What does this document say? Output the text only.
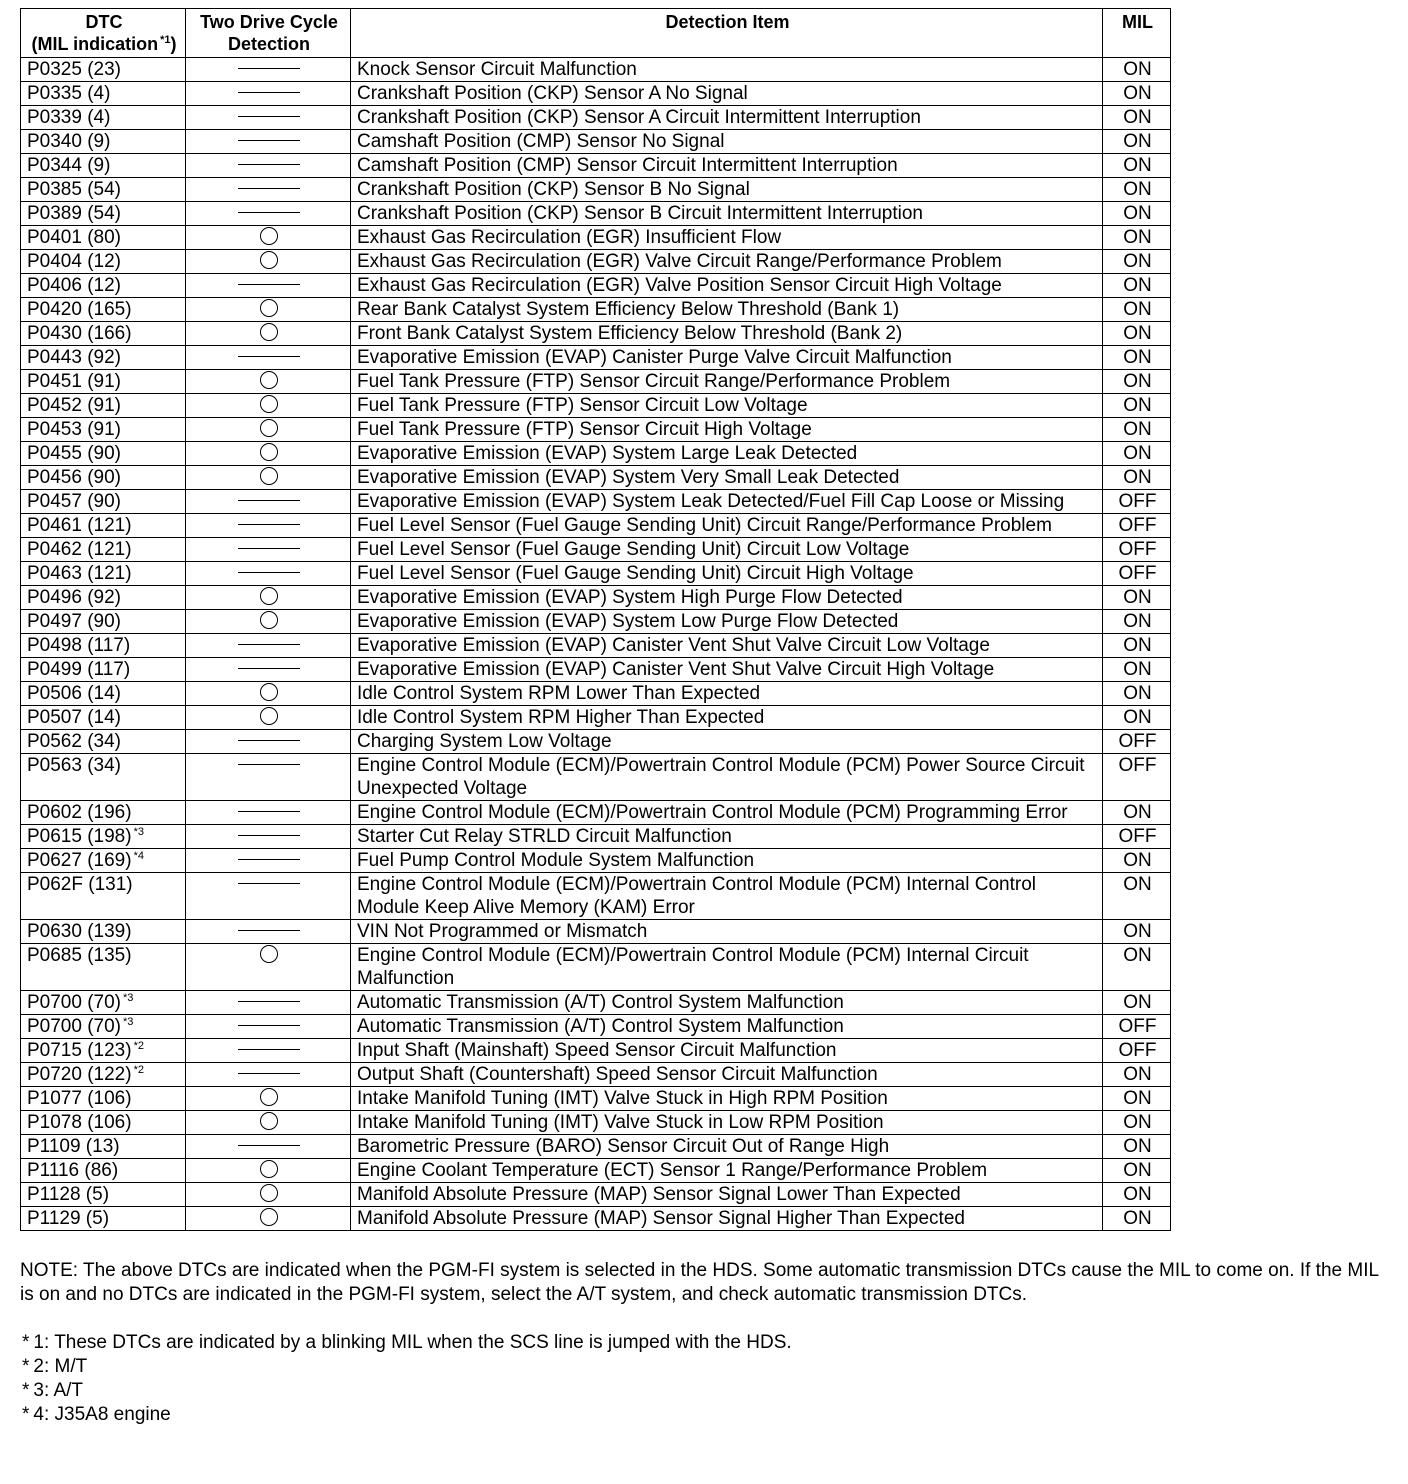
DTC
(MIL indication $^{*1}$)	Two Drive Cycle Detection	Detection Item	MIL
P0325 (23)		Knock Sensor Circuit Malfunction	ON
P0335 (4)		Crankshaft Position (CKP) Sensor A No Signal	ON
P0339 (4)		Crankshaft Position (CKP) Sensor A Circuit Intermittent Interruption	ON
P0340 (9)		Camshaft Position (CMP) Sensor No Signal	ON
P0344 (9)		Camshaft Position (CMP) Sensor Circuit Intermittent Interruption	ON
P0385 (54)		Crankshaft Position (CKP) Sensor B No Signal	ON
P0389 (54)		Crankshaft Position (CKP) Sensor B Circuit Intermittent Interruption	ON
P0401 (80)		Exhaust Gas Recirculation (EGR) Insufficient Flow	ON
P0404 (12)		Exhaust Gas Recirculation (EGR) Valve Circuit Range/Performance Problem	ON
P0406 (12)		Exhaust Gas Recirculation (EGR) Valve Position Sensor Circuit High Voltage	ON
P0420 (165)		Rear Bank Catalyst System Efficiency Below Threshold (Bank 1)	ON
P0430 (166)		Front Bank Catalyst System Efficiency Below Threshold (Bank 2)	ON
P0443 (92)		Evaporative Emission (EVAP) Canister Purge Valve Circuit Malfunction	ON
P0451 (91)		Fuel Tank Pressure (FTP) Sensor Circuit Range/Performance Problem	ON
P0452 (91)		Fuel Tank Pressure (FTP) Sensor Circuit Low Voltage	ON
P0453 (91)		Fuel Tank Pressure (FTP) Sensor Circuit High Voltage	ON
P0455 (90)		Evaporative Emission (EVAP) System Large Leak Detected	ON
P0456 (90)		Evaporative Emission (EVAP) System Very Small Leak Detected	ON
P0457 (90)		Evaporative Emission (EVAP) System Leak Detected/Fuel Fill Cap Loose or Missing	OFF
P0461 (121)		Fuel Level Sensor (Fuel Gauge Sending Unit) Circuit Range/Performance Problem	OFF
P0462 (121)		Fuel Level Sensor (Fuel Gauge Sending Unit) Circuit Low Voltage	OFF
P0463 (121)		Fuel Level Sensor (Fuel Gauge Sending Unit) Circuit High Voltage	OFF
P0496 (92)		Evaporative Emission (EVAP) System High Purge Flow Detected	ON
P0497 (90)		Evaporative Emission (EVAP) System Low Purge Flow Detected	ON
P0498 (117)		Evaporative Emission (EVAP) Canister Vent Shut Valve Circuit Low Voltage	ON
P0499 (117)		Evaporative Emission (EVAP) Canister Vent Shut Valve Circuit High Voltage	ON
P0506 (14)		Idle Control System RPM Lower Than Expected	ON
P0507 (14)		Idle Control System RPM Higher Than Expected	ON
P0562 (34)		Charging System Low Voltage	OFF
P0563 (34)		Engine Control Module (ECM)/Powertrain Control Module (PCM) Power Source Circuit Unexpected Voltage	OFF
P0602 (196)		Engine Control Module (ECM)/Powertrain Control Module (PCM) Programming Error	ON
P0615 (198) $^{*3}$		Starter Cut Relay STRLD Circuit Malfunction	OFF
P0627 (169) $^{*4}$		Fuel Pump Control Module System Malfunction	ON
P062F (131)		Engine Control Module (ECM)/Powertrain Control Module (PCM) Internal Control Module Keep Alive Memory (KAM) Error	ON
P0630 (139)		VIN Not Programmed or Mismatch	ON
P0685 (135)		Engine Control Module (ECM)/Powertrain Control Module (PCM) Internal Circuit Malfunction	ON
P0700 (70) $^{*3}$		Automatic Transmission (A/T) Control System Malfunction	ON
P0700 (70) $^{*3}$		Automatic Transmission (A/T) Control System Malfunction	OFF
P0715 (123) $^{*2}$		Input Shaft (Mainshaft) Speed Sensor Circuit Malfunction	OFF
P0720 (122) $^{*2}$		Output Shaft (Countershaft) Speed Sensor Circuit Malfunction	ON
P1077 (106)		Intake Manifold Tuning (IMT) Valve Stuck in High RPM Position	ON
P1078 (106)		Intake Manifold Tuning (IMT) Valve Stuck in Low RPM Position	ON
P1109 (13)		Barometric Pressure (BARO) Sensor Circuit Out of Range High	ON
P1116 (86)		Engine Coolant Temperature (ECT) Sensor 1 Range/Performance Problem	ON
P1128 (5)		Manifold Absolute Pressure (MAP) Sensor Signal Lower Than Expected	ON
P1129 (5)		Manifold Absolute Pressure (MAP) Sensor Signal Higher Than Expected	ON
NOTE: The above DTCs are indicated when the PGM-FI system is selected in the HDS. Some automatic transmission DTCs cause the MIL to come on. If the MIL is on and no DTCs are indicated in the PGM-FI system, select the A/T system, and check automatic transmission DTCs.
* 1: These DTCs are indicated by a blinking MIL when the SCS line is jumped with the HDS.
* 2: M/T
* 3: A/T
* 4: J35A8 engine
